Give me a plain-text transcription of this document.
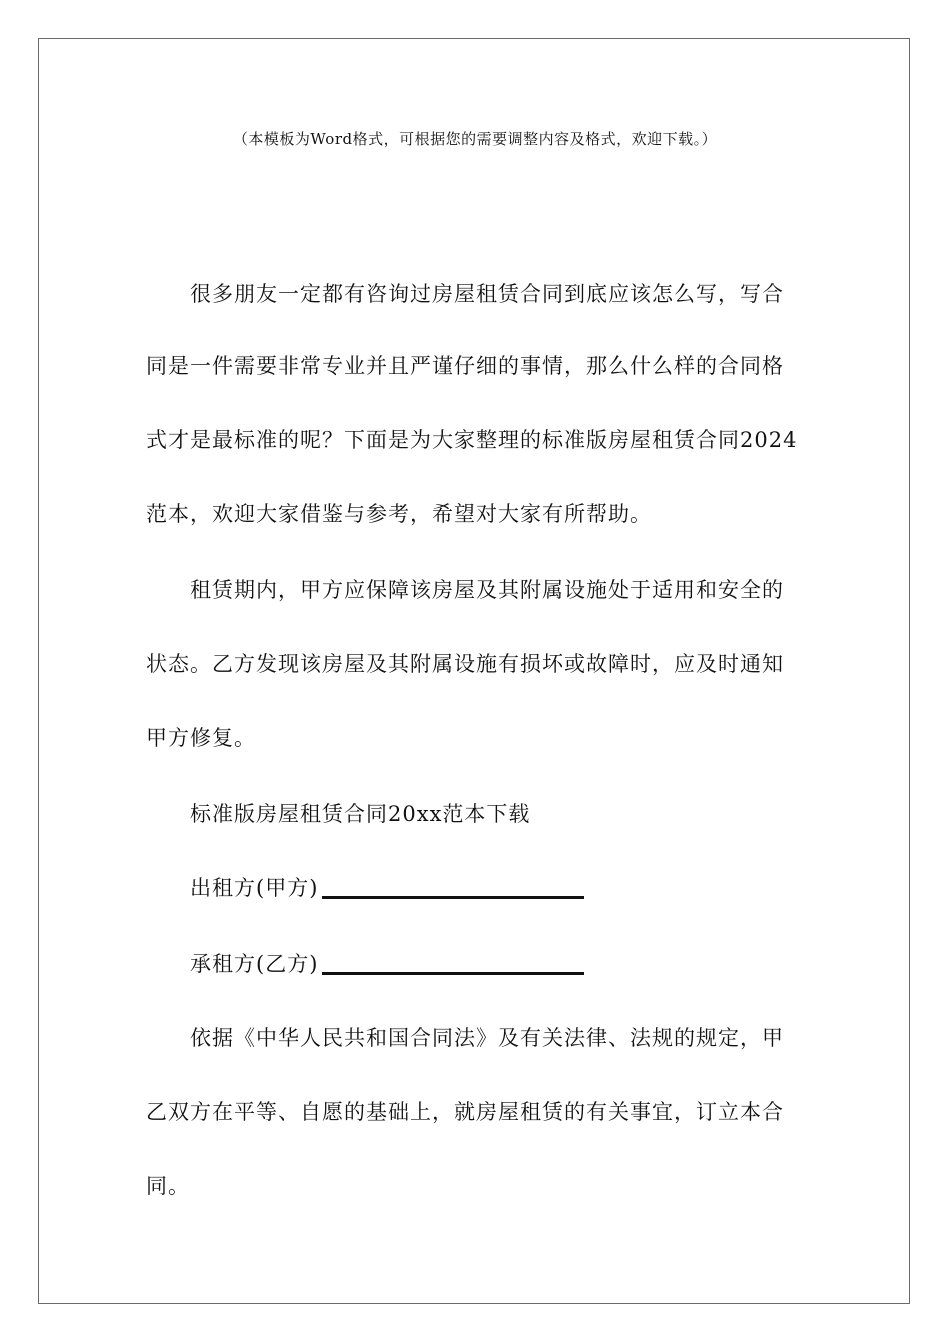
（本模板为Word格式，可根据您的需要调整内容及格式，欢迎下载。）
很多朋友一定都有咨询过房屋租赁合同到底应该怎么写，写合
同是一件需要非常专业并且严谨仔细的事情，那么什么样的合同格
式才是最标准的呢？下面是为大家整理的标准版房屋租赁合同2024
范本，欢迎大家借鉴与参考，希望对大家有所帮助。
租赁期内，甲方应保障该房屋及其附属设施处于适用和安全的
状态。乙方发现该房屋及其附属设施有损坏或故障时，应及时通知
甲方修复。
标准版房屋租赁合同20xx范本下载
出租方(甲方)
承租方(乙方)
依据《中华人民共和国合同法》及有关法律、法规的规定，甲
乙双方在平等、自愿的基础上，就房屋租赁的有关事宜，订立本合
同。
